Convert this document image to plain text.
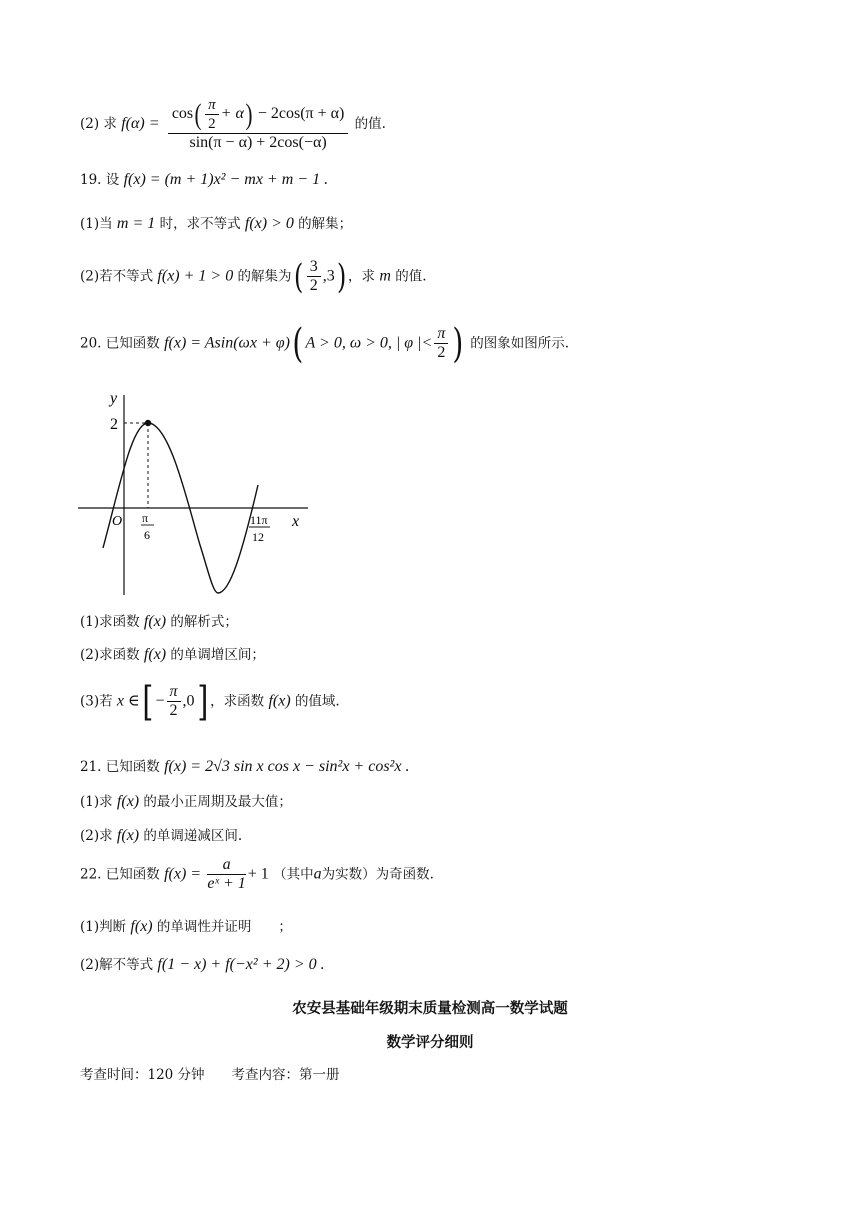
(2) 求 $f(\alpha) = \frac{\cos( \frac{\pi}{2} + \alpha) - 2\cos(\pi + \alpha)}{\sin(\pi - \alpha) + 2\cos(-\alpha)}$ 的值.
19. 设 f(x) = (m + 1)x² − mx + m − 1 .
(1)当 m = 1 时，求不等式 f(x) > 0 的解集；
(2)若不等式 f(x) + 1 > 0 的解集为( $\frac{3}{2} ,3$) ，求 m 的值.
20. 已知函数 f(x) = Asin(ωx + φ)( A > 0, ω > 0, | φ |< $\frac{\pi}{2}$ ) 的图象如图所示.
y
2
O	x
π
6
11π
12
(1)求函数 f(x) 的解析式；
(2)求函数 f(x) 的单调增区间；
(3)若 x ∈[ − $\frac{\pi}{2} ,0$] ，求函数 f(x) 的值域.
21. 已知函数 f(x) = 2√3 sin x cos x − sin²x + cos²x .
(1)求 f(x) 的最小正周期及最大值；
(2)求 f(x) 的单调递减区间.
22. 已知函数 $f(x) = \frac{a}{\text{eˣ + 1}} + 1$ （其中a为实数）为奇函数.
(1)判断 f(x) 的单调性并证明　　；
(2)解不等式 f(1 − x) + f(−x² + 2) > 0 .
农安县基础年级期末质量检测高一数学试题
数学评分细则
考查时间：120 分钟　　考查内容：第一册
